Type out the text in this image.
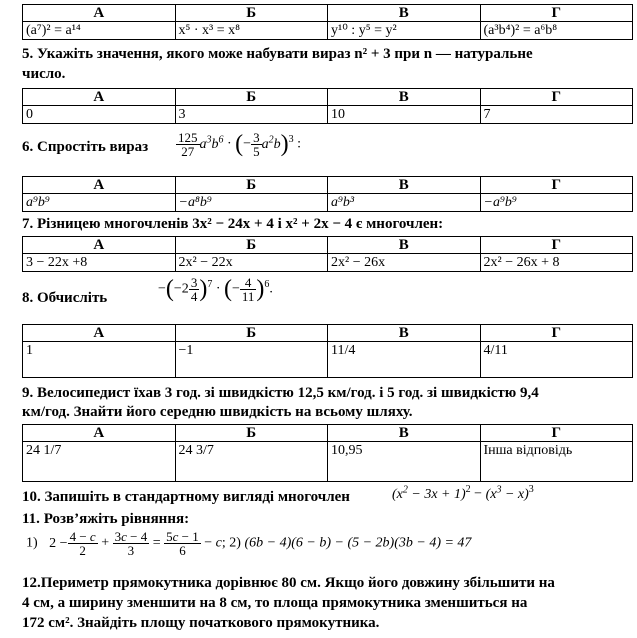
А	Б	В	Г
(a⁷)² = a¹⁴	x⁵ · x³ = x⁸	y¹⁰ : y⁵ = y²	(a³b⁴)² = a⁶b⁸
5. Укажіть значення, якого може набувати вираз n² + 3 при n — натуральне
число.
А	Б	В	Г
0	3	10	7
6. Спростіть вираз $\frac{125}{27} a^3b^6$ · (− $\frac{3}{5} a^2b)^3$ :
А	Б	В	Г
a⁹b⁹	−a⁸b⁹	a⁹b³	−a⁹b⁹
7. Різницею многочленів 3x² − 24x + 4 і x² + 2x − 4 є многочлен:
А	Б	В	Г
3 − 22x +8	2x² − 22x	2x² − 26x	2x² − 26x + 8
8. Обчисліть
$-(-2 \frac{3}{4} )^7$ · (− $\frac{4}{11} )^6$.
А	Б	В	Г
1	−1	11/4	4/11
9. Велосипедист їхав 3 год. зі швидкістю 12,5 км/год. і 5 год. зі швидкістю 9,4
км/год. Знайти його середню швидкість на всьому шляху.
А	Б	В	Г
24 1/7	24 3/7	10,95	Інша відповідь
10. Запишіть в стандартному вигляді многочлен	$(x^2 - 3x + 1)^2 - (x^3 - x)^3$
11. Розв’яжіть рівняння:
1) $2 - \frac{4 - c}{2} + \frac{3c - 4}{3} = \frac{5c - 1}{6} - c$; 2) (6b − 4)(6 − b) − (5 − 2b)(3b − 4) = 47
12.Периметр прямокутника дорівнює 80 см. Якщо його довжину збільшити на
4 см, а ширину зменшити на 8 см, то площа прямокутника зменшиться на
172 см². Знайдіть площу початкового прямокутника.
